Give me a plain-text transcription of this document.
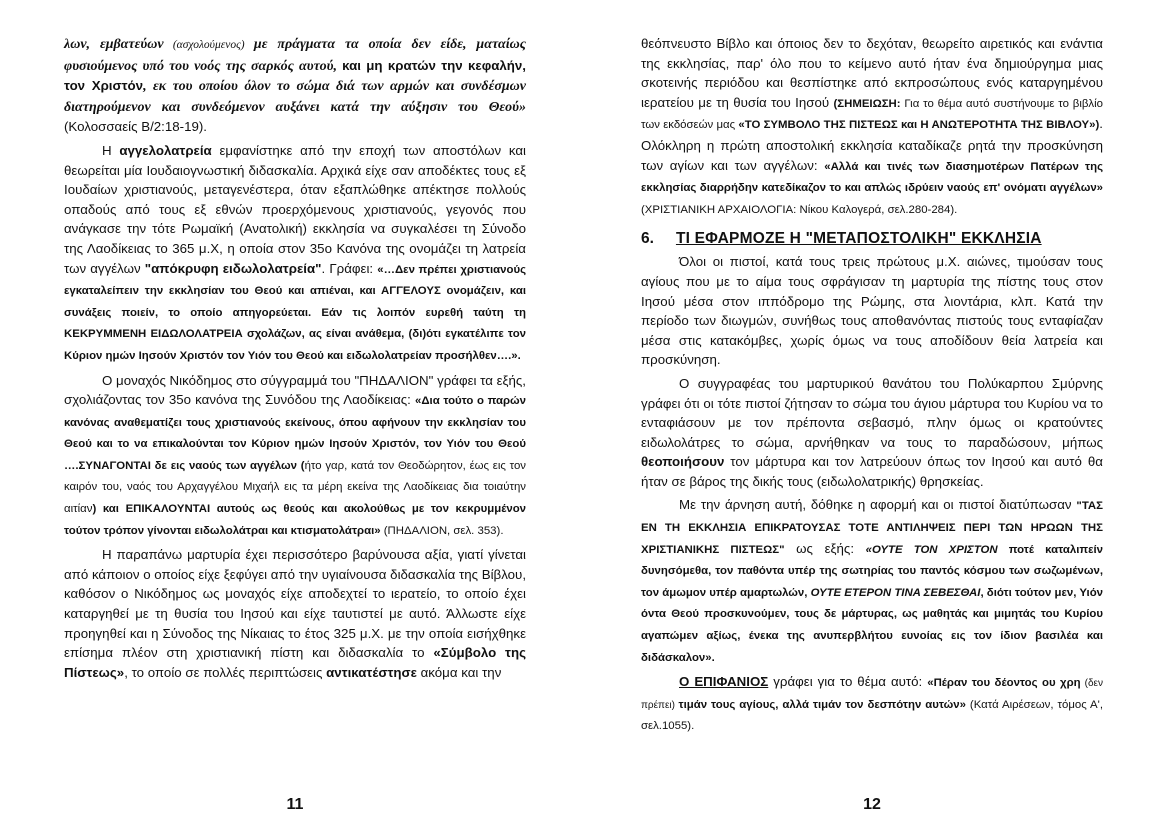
λων, εμβατεύων (ασχολούμενος) με πράγματα τα οποία δεν είδε, ματαίως φυσιούμενος υπό του νοός της σαρκός αυτού, και μη κρατών την κεφαλήν, τον Χριστόν, εκ του οποίου όλον το σώμα διά των αρμών και συνδέσμων διατηρούμενον και συνδεόμενον αυξάνει κατά την αύξησιν του Θεού» (Κολοσσαείς Β/2:18-19).

Η αγγελολατρεία εμφανίστηκε από την εποχή των αποστόλων και θεωρείται μία Ιουδαιογνωστική διδασκαλία. Αρχικά είχε σαν αποδέκτες τους εξ Ιουδαίων χριστιανούς, μεταγενέστερα, όταν εξαπλώθηκε απέκτησε πολλούς οπαδούς από τους εξ εθνών προερχόμενους χριστιανούς, γεγονός που ανάγκασε την τότε Ρωμαϊκή (Ανατολική) εκκλησία να συγκαλέσει τη Σύνοδο της Λαοδίκειας το 365 μ.Χ, η οποία στον 35ο Κανόνα της ονομάζει τη λατρεία των αγγέλων "απόκρυφη ειδωλολατρεία". Γράφει: «…Δεν πρέπει χριστιανούς εγκαταλείπειν την εκκλησίαν του Θεού και απιέναι, και ΑΓΓΕΛΟΥΣ ονομάζειν, και συνάξεις ποιείν, το οποίο απηγορεύεται. Εάν τις λοιπόν ευρεθή ταύτη τη ΚΕΚΡΥΜΜΕΝΗ ΕΙΔΩΛΟΛΑΤΡΕΙΑ σχολάζων, ας είναι ανάθεμα, (δι)ότι εγκατέλιπε τον Κύριον ημών Ιησούν Χριστόν τον Υιόν του Θεού και ειδωλολατρείαν προσήλθεν….».

Ο μοναχός Νικόδημος στο σύγγραμμά του "ΠΗΔΑΛΙΟΝ" γράφει τα εξής, σχολιάζοντας τον 35ο κανόνα της Συνόδου της Λαοδίκειας: «Δια τούτο ο παρών κανόνας αναθεματίζει τους χριστιανούς εκείνους, όπου αφήνουν την εκκλησίαν του Θεού και το να επικαλούνται τον Κύριον ημών Ιησούν Χριστόν, τον Υιόν του Θεού ….ΣΥΝΑΓΟΝΤΑΙ δε εις ναούς των αγγέλων (ήτο γαρ, κατά τον Θεοδώρητον, έως εις τον καιρόν του, ναός του Αρχαγγέλου Μιχαήλ εις τα μέρη εκείνα της Λαοδίκειας δια τοιαύτην αιτίαν) και ΕΠΙΚΑΛΟΥΝΤΑΙ αυτούς ως θεούς και ακολούθως με τον κεκρυμμένον τούτον τρόπον γίνονται ειδωλολάτραι και κτισματολάτραι» (ΠΗΔΑΛΙΟΝ, σελ. 353).

Η παραπάνω μαρτυρία έχει περισσότερο βαρύνουσα αξία, γιατί γίνεται από κάποιον ο οποίος είχε ξεφύγει από την υγιαίνουσα διδασκαλία της Βίβλου, καθόσον ο Νικόδημος ως μοναχός είχε αποδεχτεί το ιερατείο, το οποίο έχει καταργηθεί με τη θυσία του Ιησού και είχε ταυτιστεί με αυτό. Άλλωστε είχε προηγηθεί και η Σύνοδος της Νίκαιας το έτος 325 μ.Χ. με την οποία εισήχθηκε επίσημα πλέον στη χριστιανική πίστη και διδασκαλία το «Σύμβολο της Πίστεως», το οποίο σε πολλές περιπτώσεις αντικατέστησε ακόμα και την

11

θεόπνευστο Βίβλο και όποιος δεν το δεχόταν, θεωρείτο αιρετικός και ενάντια της εκκλησίας, παρ' όλο που το κείμενο αυτό ήταν ένα δημιούργημα μιας σκοτεινής περιόδου και θεσπίστηκε από εκπροσώπους ενός καταργημένου ιερατείου με τη θυσία του Ιησού (ΣΗΜΕΙΩΣΗ: Για το θέμα αυτό συστήνουμε το βιβλίο των εκδόσεών μας «ΤΟ ΣΥΜΒΟΛΟ ΤΗΣ ΠΙΣΤΕΩΣ και Η ΑΝΩΤΕΡΟΤΗΤΑ ΤΗΣ ΒΙΒΛΟΥ»). Ολόκληρη η πρώτη αποστολική εκκλησία καταδίκαζε ρητά την προσκύνηση των αγίων και των αγγέλων: «Αλλά και τινές των διασημοτέρων Πατέρων της εκκλησίας διαρρήδην κατεδίκαζον το και απλώς ιδρύειν ναούς επ' ονόματι αγγέλων» (ΧΡΙΣΤΙΑΝΙΚΗ ΑΡΧΑΙΟΛΟΓΙΑ: Νίκου Καλογερά, σελ.280-284).

6. ΤΙ ΕΦΑΡΜΟΖΕ Η "ΜΕΤΑΠΟΣΤΟΛΙΚΗ" ΕΚΚΛΗΣΙΑ

Όλοι οι πιστοί, κατά τους τρεις πρώτους μ.Χ. αιώνες, τιμούσαν τους αγίους που με το αίμα τους σφράγισαν τη μαρτυρία της πίστης τους στον Ιησού μέσα στον ιππόδρομο της Ρώμης, στα λιοντάρια, κλπ. Κατά την περίοδο των διωγμών, συνήθως τους αποθανόντας πιστούς τους ενταφίαζαν μέσα στις κατακόμβες, χωρίς όμως να τους αποδίδουν θεία λατρεία και προσκύνηση.

Ο συγγραφέας του μαρτυρικού θανάτου του Πολύκαρπου Σμύρνης γράφει ότι οι τότε πιστοί ζήτησαν το σώμα του άγιου μάρτυρα του Κυρίου να το ενταφιάσουν με τον πρέποντα σεβασμό, πλην όμως οι κρατούντες ειδωλολάτρες το σώμα, αρνήθηκαν να τους το παραδώσουν, μήπως θεοποιήσουν τον μάρτυρα και τον λατρεύουν όπως τον Ιησού και αυτό θα ήταν σε βάρος της δικής τους (ειδωλολατρικής) θρησκείας.

Με την άρνηση αυτή, δόθηκε η αφορμή και οι πιστοί διατύπωσαν "ΤΑΣ ΕΝ ΤΗ ΕΚΚΛΗΣΙΑ ΕΠΙΚΡΑΤΟΥΣΑΣ ΤΟΤΕ ΑΝΤΙΛΗΨΕΙΣ ΠΕΡΙ ΤΩΝ ΗΡΩΩΝ ΤΗΣ ΧΡΙΣΤΙΑΝΙΚΗΣ ΠΙΣΤΕΩΣ" ως εξής: «ΟΥΤΕ ΤΟΝ ΧΡΙΣΤΟΝ ποτέ καταλιπείν δυνησόμεθα, τον παθόντα υπέρ της σωτηρίας του παντός κόσμου των σωζωμένων, τον άμωμον υπέρ αμαρτωλών, ΟΥΤΕ ΕΤΕΡΟΝ ΤΙΝΑ ΣΕΒΕΣΘΑΙ, διότι τούτον μεν, Υιόν όντα Θεού προσκυνούμεν, τους δε μάρτυρας, ως μαθητάς και μιμητάς του Κυρίου αγαπώμεν αξίως, ένεκα της ανυπερβλήτου ευνοίας εις τον ίδιον βασιλέα και διδάσκαλον».

Ο ΕΠΙΦΑΝΙΟΣ γράφει για το θέμα αυτό: «Πέραν του δέοντος ου χρη (δεν πρέπει) τιμάν τους αγίους, αλλά τιμάν τον δεσπότην αυτών» (Κατά Αιρέσεων, τόμος Α', σελ.1055).

12
